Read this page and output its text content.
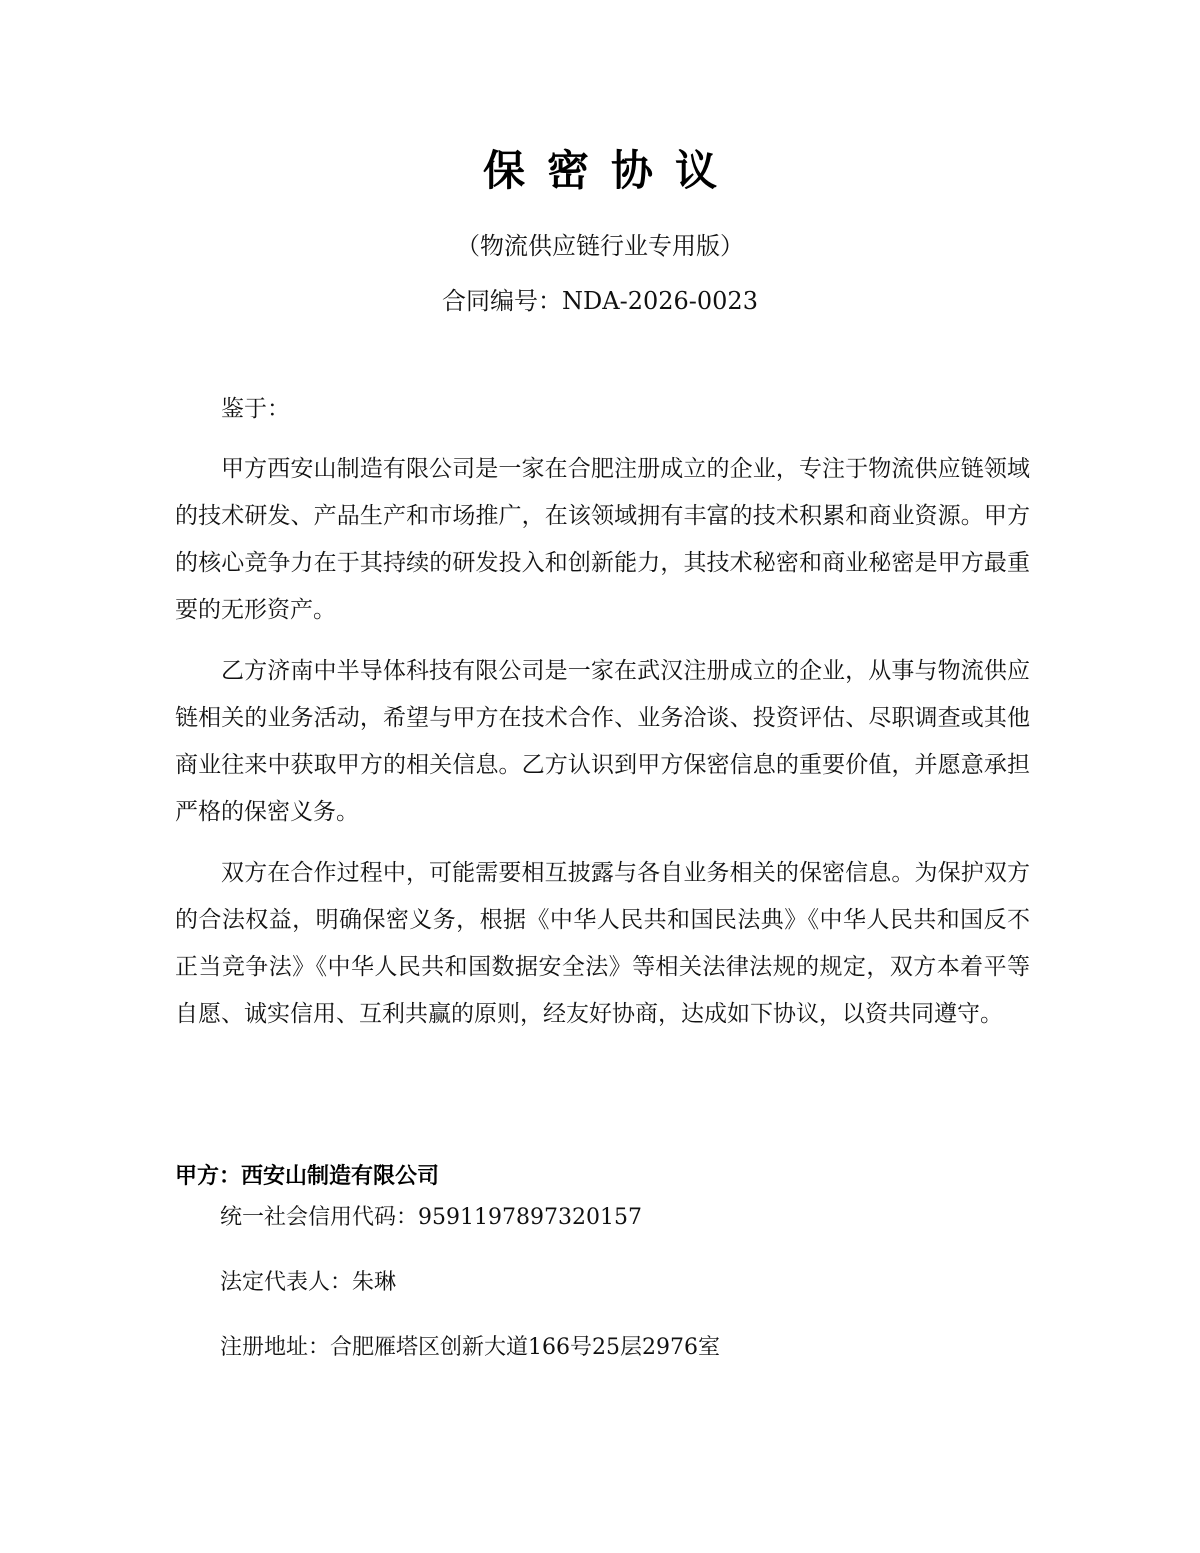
保密协议
（物流供应链行业专用版）
合同编号：NDA-2026-0023
鉴于：
甲方西安山制造有限公司是一家在合肥注册成立的企业，专注于物流供应链领域的技术研发、产品生产和市场推广，在该领域拥有丰富的技术积累和商业资源。甲方的核心竞争力在于其持续的研发投入和创新能力，其技术秘密和商业秘密是甲方最重要的无形资产。
乙方济南中半导体科技有限公司是一家在武汉注册成立的企业，从事与物流供应链相关的业务活动，希望与甲方在技术合作、业务洽谈、投资评估、尽职调查或其他商业往来中获取甲方的相关信息。乙方认识到甲方保密信息的重要价值，并愿意承担严格的保密义务。
双方在合作过程中，可能需要相互披露与各自业务相关的保密信息。为保护双方的合法权益，明确保密义务，根据《中华人民共和国民法典》《中华人民共和国反不正当竞争法》《中华人民共和国数据安全法》等相关法律法规的规定，双方本着平等自愿、诚实信用、互利共赢的原则，经友好协商，达成如下协议，以资共同遵守。
甲方：西安山制造有限公司
统一社会信用代码：9591197897320157
法定代表人：朱琳
注册地址：合肥雁塔区创新大道166号25层2976室
